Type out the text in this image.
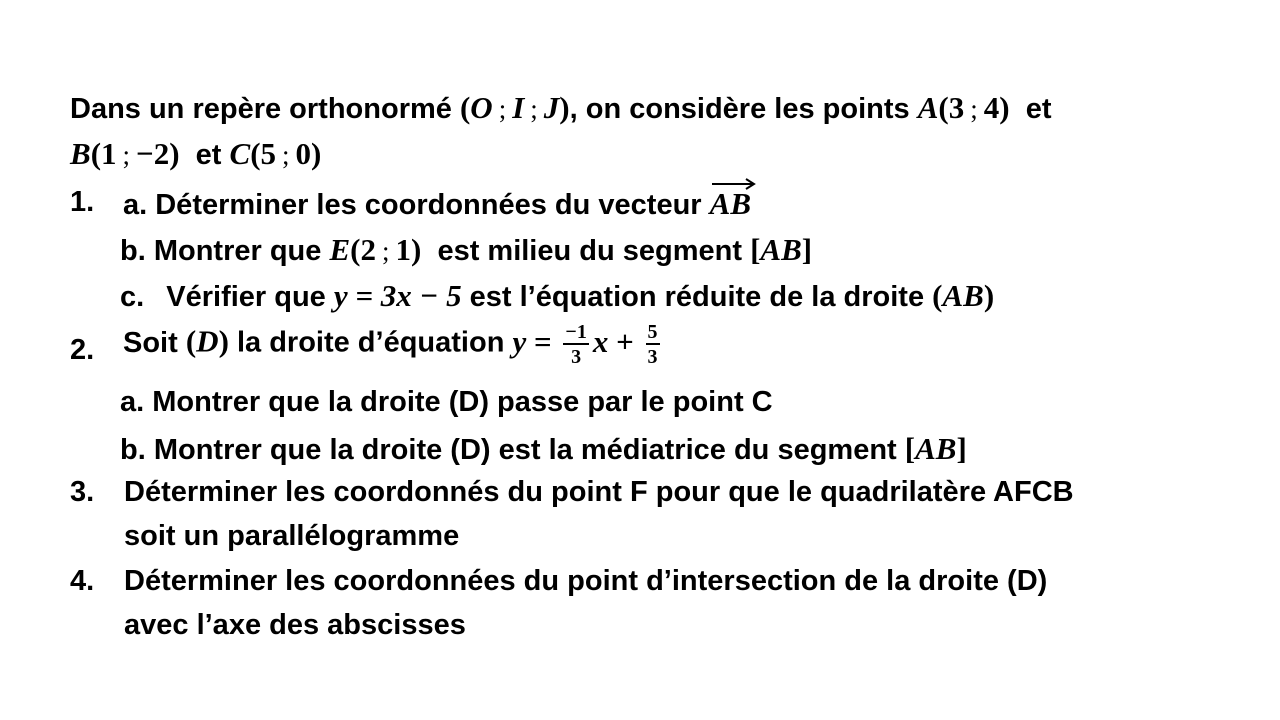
Dans un repère orthonormé (O ; I ; J), on considère les points A(3 ; 4) et
B(1 ; −2) et C(5 ; 0)
1. a. Déterminer les coordonnées du vecteur AB
b. Montrer que E(2 ; 1) est milieu du segment [AB]
c. Vérifier que y = 3x − 5 est l’équation réduite de la droite (AB)
2. Soit (D) la droite d’équation $y = \frac{-1}{3}$ $x + \frac{5}{3}$
a. Montrer que la droite (D) passe par le point C
b. Montrer que la droite (D) est la médiatrice du segment [AB]
3. Déterminer les coordonnés du point F pour que le quadrilatère AFCB
soit un parallélogramme
4. Déterminer les coordonnées du point d’intersection de la droite (D)
avec l’axe des abscisses
